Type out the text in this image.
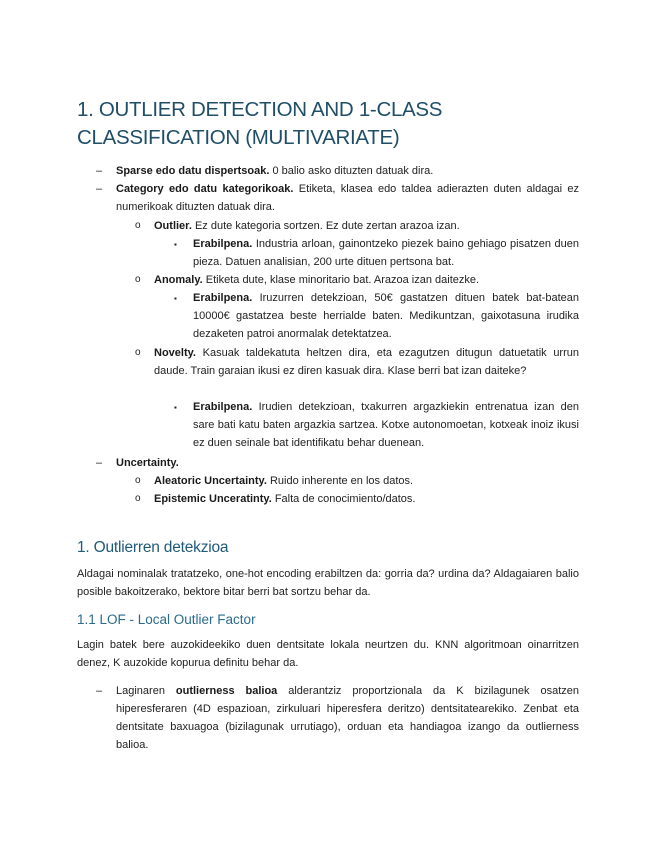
1. OUTLIER DETECTION AND 1-CLASS CLASSIFICATION (MULTIVARIATE)
– Sparse edo datu dispertsoak. 0 balio asko dituzten datuak dira.
– Category edo datu kategorikoak. Etiketa, klasea edo taldea adierazten duten aldagai ez numerikoak dituzten datuak dira.
o Outlier. Ez dute kategoria sortzen. Ez dute zertan arazoa izan.
▪ Erabilpena. Industria arloan, gainontzeko piezek baino gehiago pisatzen duen pieza. Datuen analisian, 200 urte dituen pertsona bat.
o Anomaly. Etiketa dute, klase minoritario bat. Arazoa izan daitezke.
▪ Erabilpena. Iruzurren detekzioan, 50€ gastatzen dituen batek bat-batean 10000€ gastatzea beste herrialde baten. Medikuntzan, gaixotasuna irudika dezaketen patroi anormalak detektatzea.
o Novelty. Kasuak taldekatuta heltzen dira, eta ezagutzen ditugun datuetatik urrun daude. Train garaian ikusi ez diren kasuak dira. Klase berri bat izan daiteke?
▪ Erabilpena. Irudien detekzioan, txakurren argazkiekin entrenatua izan den sare bati katu baten argazkia sartzea. Kotxe autonomoetan, kotxeak inoiz ikusi ez duen seinale bat identifikatu behar duenean.
– Uncertainty.
o Aleatoric Uncertainty. Ruido inherente en los datos.
o Epistemic Unceratinty. Falta de conocimiento/datos.
1. Outlierren detekzioa
Aldagai nominalak tratatzeko, one-hot encoding erabiltzen da: gorria da? urdina da? Aldagaiaren balio posible bakoitzerako, bektore bitar berri bat sortzu behar da.
1.1 LOF - Local Outlier Factor
Lagin batek bere auzokideekiko duen dentsitate lokala neurtzen du. KNN algoritmoan oinarritzen denez, K auzokide kopurua definitu behar da.
– Laginaren outlierness balioa alderantziz proportzionala da K bizilagunek osatzen hiperesferaren (4D espazioan, zirkuluari hiperesfera deritzo) dentsitatearekiko. Zenbat eta dentsitate baxuagoa (bizilagunak urrutiago), orduan eta handiagoa izango da outlierness balioa.
